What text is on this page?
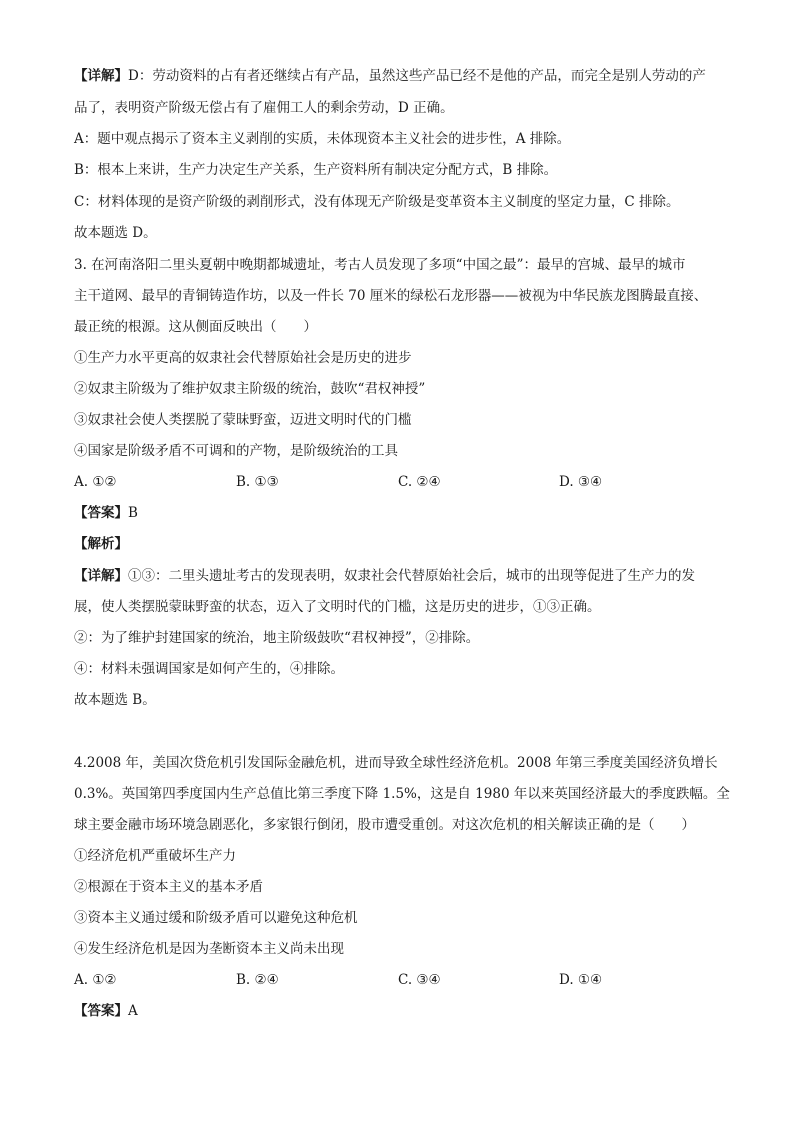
【详解】D：劳动资料的占有者还继续占有产品，虽然这些产品已经不是他的产品，而完全是别人劳动的产
品了，表明资产阶级无偿占有了雇佣工人的剩余劳动，D 正确。
A：题中观点揭示了资本主义剥削的实质，未体现资本主义社会的进步性，A 排除。
B：根本上来讲，生产力决定生产关系，生产资料所有制决定分配方式，B 排除。
C：材料体现的是资产阶级的剥削形式，没有体现无产阶级是变革资本主义制度的坚定力量，C 排除。
故本题选 D。
3. 在河南洛阳二里头夏朝中晚期都城遗址，考古人员发现了多项“中国之最”：最早的宫城、最早的城市
主干道网、最早的青铜铸造作坊，以及一件长 70 厘米的绿松石龙形器——被视为中华民族龙图腾最直接、
最正统的根源。这从侧面反映出（　　）
①生产力水平更高的奴隶社会代替原始社会是历史的进步
②奴隶主阶级为了维护奴隶主阶级的统治，鼓吹“君权神授”
③奴隶社会使人类摆脱了蒙昧野蛮，迈进文明时代的门槛
④国家是阶级矛盾不可调和的产物，是阶级统治的工具
A. ①②	B. ①③	C. ②④	D. ③④
【答案】B
【解析】
【详解】①③：二里头遗址考古的发现表明，奴隶社会代替原始社会后，城市的出现等促进了生产力的发
展，使人类摆脱蒙昧野蛮的状态，迈入了文明时代的门槛，这是历史的进步，①③正确。
②：为了维护封建国家的统治，地主阶级鼓吹“君权神授”，②排除。
④：材料未强调国家是如何产生的，④排除。
故本题选 B。
4.2008 年，美国次贷危机引发国际金融危机，进而导致全球性经济危机。2008 年第三季度美国经济负增长
0.3%。英国第四季度国内生产总值比第三季度下降 1.5%，这是自 1980 年以来英国经济最大的季度跌幅。全
球主要金融市场环境急剧恶化，多家银行倒闭，股市遭受重创。对这次危机的相关解读正确的是（　　）
①经济危机严重破坏生产力
②根源在于资本主义的基本矛盾
③资本主义通过缓和阶级矛盾可以避免这种危机
④发生经济危机是因为垄断资本主义尚未出现
A. ①②	B. ②④	C. ③④	D. ①④
【答案】A
